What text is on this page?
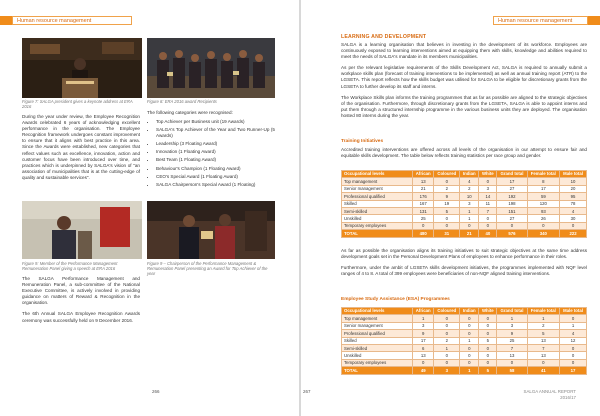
Human resource management
Figure 7: SALGA president gives a keynote address at ERA 2016
Figure 8: ERA 2016 award Recipients

During the year under review, the Employee Recognition Awards celebrated 6 years of acknowledging excellent performance in the organisation. The Employee Recognition framework undergoes constant improvement to ensure that it aligns with best practice in this area. Since the Awards were established, new categories that reflect values such as excellence, innovation, action and customer focus have been introduced over time, and practices which is underpinned by SALGA's vision of "an association of municipalities that is at the cutting-edge of quality and sustainable services".

The following categories were recognised:
• Top Achiever per Business unit (19 Awards)
• SALGA's Top Achiever of the Year and Two Runner-Up (5 Awards)
• Leadership (3 Floating Award)
• Innovation (1 Floating Award)
• Best Team (1 Floating Award)
• Behaviour's Champion (1 Floating Award)
• CEO's Special Award (1 Floating Award)
• SALGA Chairperson's Special Award (1 Floating)
Figure 9: Member of the Performance Management Remuneration Panel giving a speech at ERA 2016
Figure 9 – Chairperson of the Performance Management & Remuneration Panel presenting an Award for Top Achiever of the year

The SALGA Performance Management and Remuneration Panel, a sub-committee of the National Executive Committee, is actively involved in providing guidance on matters of Reward & Recognition in the organisation.

The 6th Annual SALGA Employee Recognition Awards ceremony was successfully held on 9 December 2016.

266
Human resource management
LEARNING AND DEVELOPMENT

SALGA is a learning organisation that believes in investing in the development of its workforce. Employees are continuously exposed to learning interventions aimed at equipping them with skills, knowledge and abilities required to meet the needs of SALGA's mandate in its members municipalities.

As per the relevant legislative requirements of the Skills Development Act, SALGA is required to annually submit a workplace skills plan (forecast of training interventions to be implemented) as well as annual training report (ATR) to the LGSETA. This report reflects how the skills budget was utilised for SALGA to be eligible for discretionary grants from the LGSETA to further develop its staff and interns.

The Workplace Skills plan informs the training programmes that as far as possible are aligned to the strategic objectives of the organisation. Furthermore, through discretionary grants from the LGSETA, SALGA is able to appoint interns and put them through a structured internship programme in the various business units they are deployed. The organisation hosted 80 interns during the year.

Training Initiatives

Accredited training interventions are offered across all levels of the organisation in our attempt to ensure fair and equitable skills development. The table below reflects training statistics per race group and gender.

Occupational levels	African	Coloured	Indian	White	Grand total	Female total	Male total
Top management	13	0	4	0	17	8	10
Senior management	21	2	2	3	27	17	20
Professional qualified	176	9	10	14	192	59	95
Skilled	167	19	3	11	198	120	78
Semi-skilled	131	5	1	7	151	93	4
Unskilled	25	0	1	0	27	26	30
Temporary employees	0	0	0	0	0	0	0
TOTAL	480	31	21	40	576	340	222

As far as possible the organisation aligns its training initiatives to suit strategic objectives at the same time address development goals set in the Personal Development Plans of employees to enhance performance in their roles.

Furthermore, under the ambit of LGSETA skills development initiatives, the programmes implemented with NQF level ranges of 4 to 8. A total of 399 employees were beneficiaries of non-NQF aligned training interventions.

Employee Study Assistance (ESA) Programmes
Occupational levels	African	Coloured	Indian	White	Grand total	Female total	Male total
Top management	1	0	0	0	1	1	0
Senior management	3	0	0	0	3	2	1
Professional qualified	9	0	0	0	9	5	4
Skilled	17	2	1	5	25	13	12
Semi-skilled	6	1	0	0	7	7	0
Unskilled	13	0	0	0	13	13	0
Temporary employees	0	0	0	0	0	0	0
TOTAL	49	3	1	5	58	41	17
267	SALGA ANNUAL REPORT
2016/17
